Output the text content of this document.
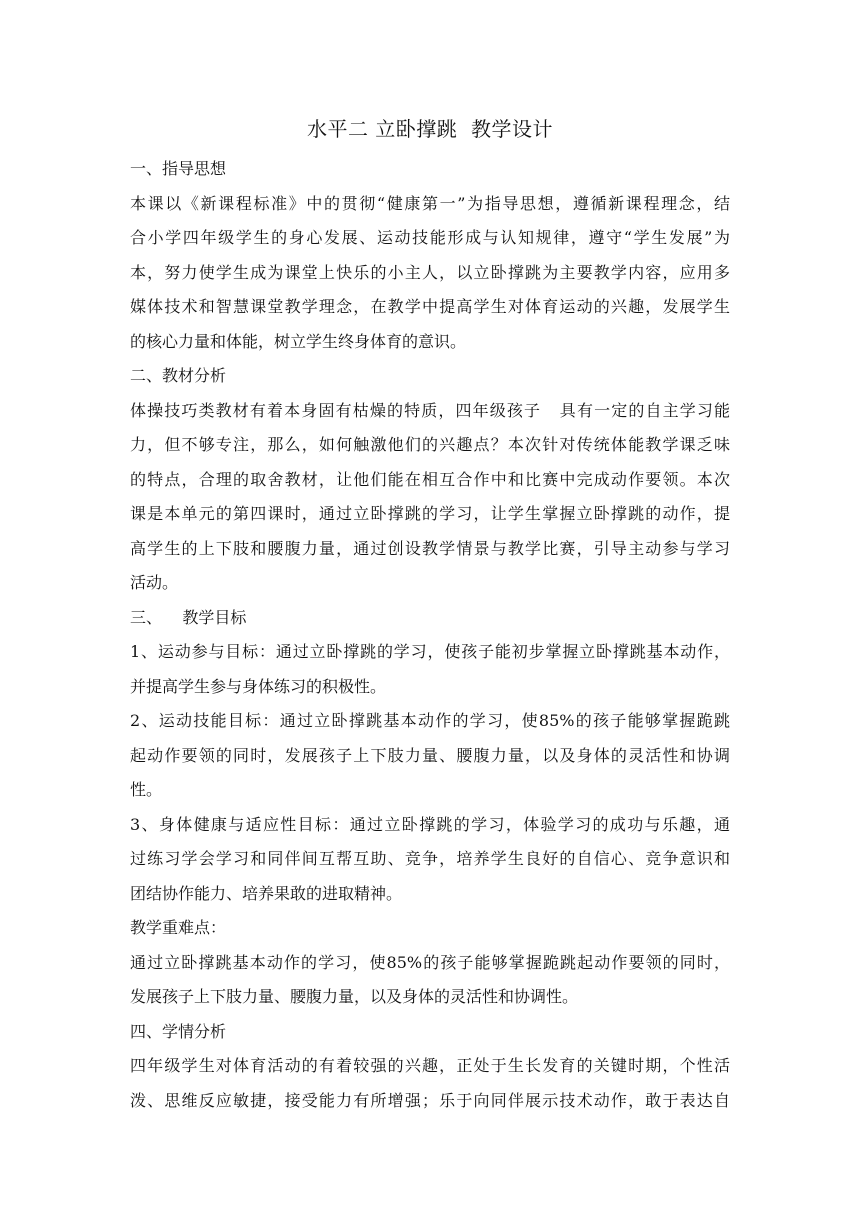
水平二 立卧撑跳  教学设计
一、指导思想
本课以《新课程标准》中的贯彻“健康第一”为指导思想，遵循新课程理念，结
合小学四年级学生的身心发展、运动技能形成与认知规律，遵守“学生发展”为
本，努力使学生成为课堂上快乐的小主人，以立卧撑跳为主要教学内容，应用多
媒体技术和智慧课堂教学理念，在教学中提高学生对体育运动的兴趣，发展学生
的核心力量和体能，树立学生终身体育的意识。
二、教材分析
体操技巧类教材有着本身固有枯燥的特质，四年级孩子   具有一定的自主学习能
力，但不够专注，那么，如何触激他们的兴趣点？本次针对传统体能教学课乏味
的特点，合理的取舍教材，让他们能在相互合作中和比赛中完成动作要领。本次
课是本单元的第四课时，通过立卧撑跳的学习，让学生掌握立卧撑跳的动作，提
高学生的上下肢和腰腹力量，通过创设教学情景与教学比赛，引导主动参与学习
活动。
三、    教学目标
1、运动参与目标：通过立卧撑跳的学习，使孩子能初步掌握立卧撑跳基本动作，
并提高学生参与身体练习的积极性。
2、运动技能目标：通过立卧撑跳基本动作的学习，使85%的孩子能够掌握跪跳
起动作要领的同时，发展孩子上下肢力量、腰腹力量，以及身体的灵活性和协调
性。
3、身体健康与适应性目标：通过立卧撑跳的学习，体验学习的成功与乐趣，通
过练习学会学习和同伴间互帮互助、竞争，培养学生良好的自信心、竞争意识和
团结协作能力、培养果敢的进取精神。
教学重难点：
通过立卧撑跳基本动作的学习，使85%的孩子能够掌握跪跳起动作要领的同时，
发展孩子上下肢力量、腰腹力量，以及身体的灵活性和协调性。
四、学情分析
四年级学生对体育活动的有着较强的兴趣，正处于生长发育的关键时期，个性活
泼、思维反应敏捷，接受能力有所增强；乐于向同伴展示技术动作，敢于表达自
